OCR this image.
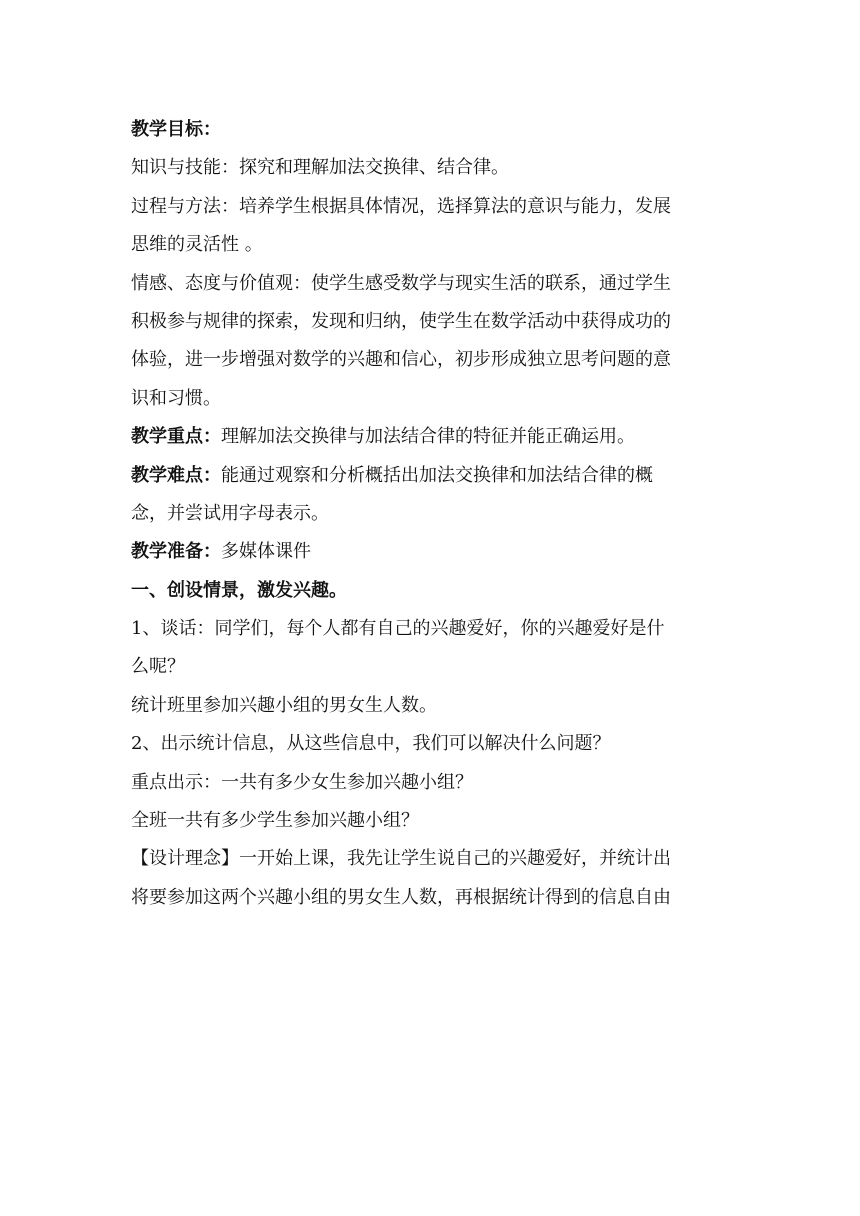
教学目标：
知识与技能：探究和理解加法交换律、结合律。
过程与方法：培养学生根据具体情况，选择算法的意识与能力，发展
思维的灵活性 。
情感、态度与价值观：使学生感受数学与现实生活的联系，通过学生
积极参与规律的探索，发现和归纳，使学生在数学活动中获得成功的
体验，进一步增强对数学的兴趣和信心，初步形成独立思考问题的意
识和习惯。
教学重点：理解加法交换律与加法结合律的特征并能正确运用。
教学难点：能通过观察和分析概括出加法交换律和加法结合律的概
念，并尝试用字母表示。
教学准备：多媒体课件
一、创设情景，激发兴趣。
1、谈话：同学们，每个人都有自己的兴趣爱好，你的兴趣爱好是什
么呢？
统计班里参加兴趣小组的男女生人数。
2、出示统计信息，从这些信息中，我们可以解决什么问题？
重点出示：一共有多少女生参加兴趣小组？
全班一共有多少学生参加兴趣小组？
【设计理念】一开始上课，我先让学生说自己的兴趣爱好，并统计出
将要参加这两个兴趣小组的男女生人数，再根据统计得到的信息自由
